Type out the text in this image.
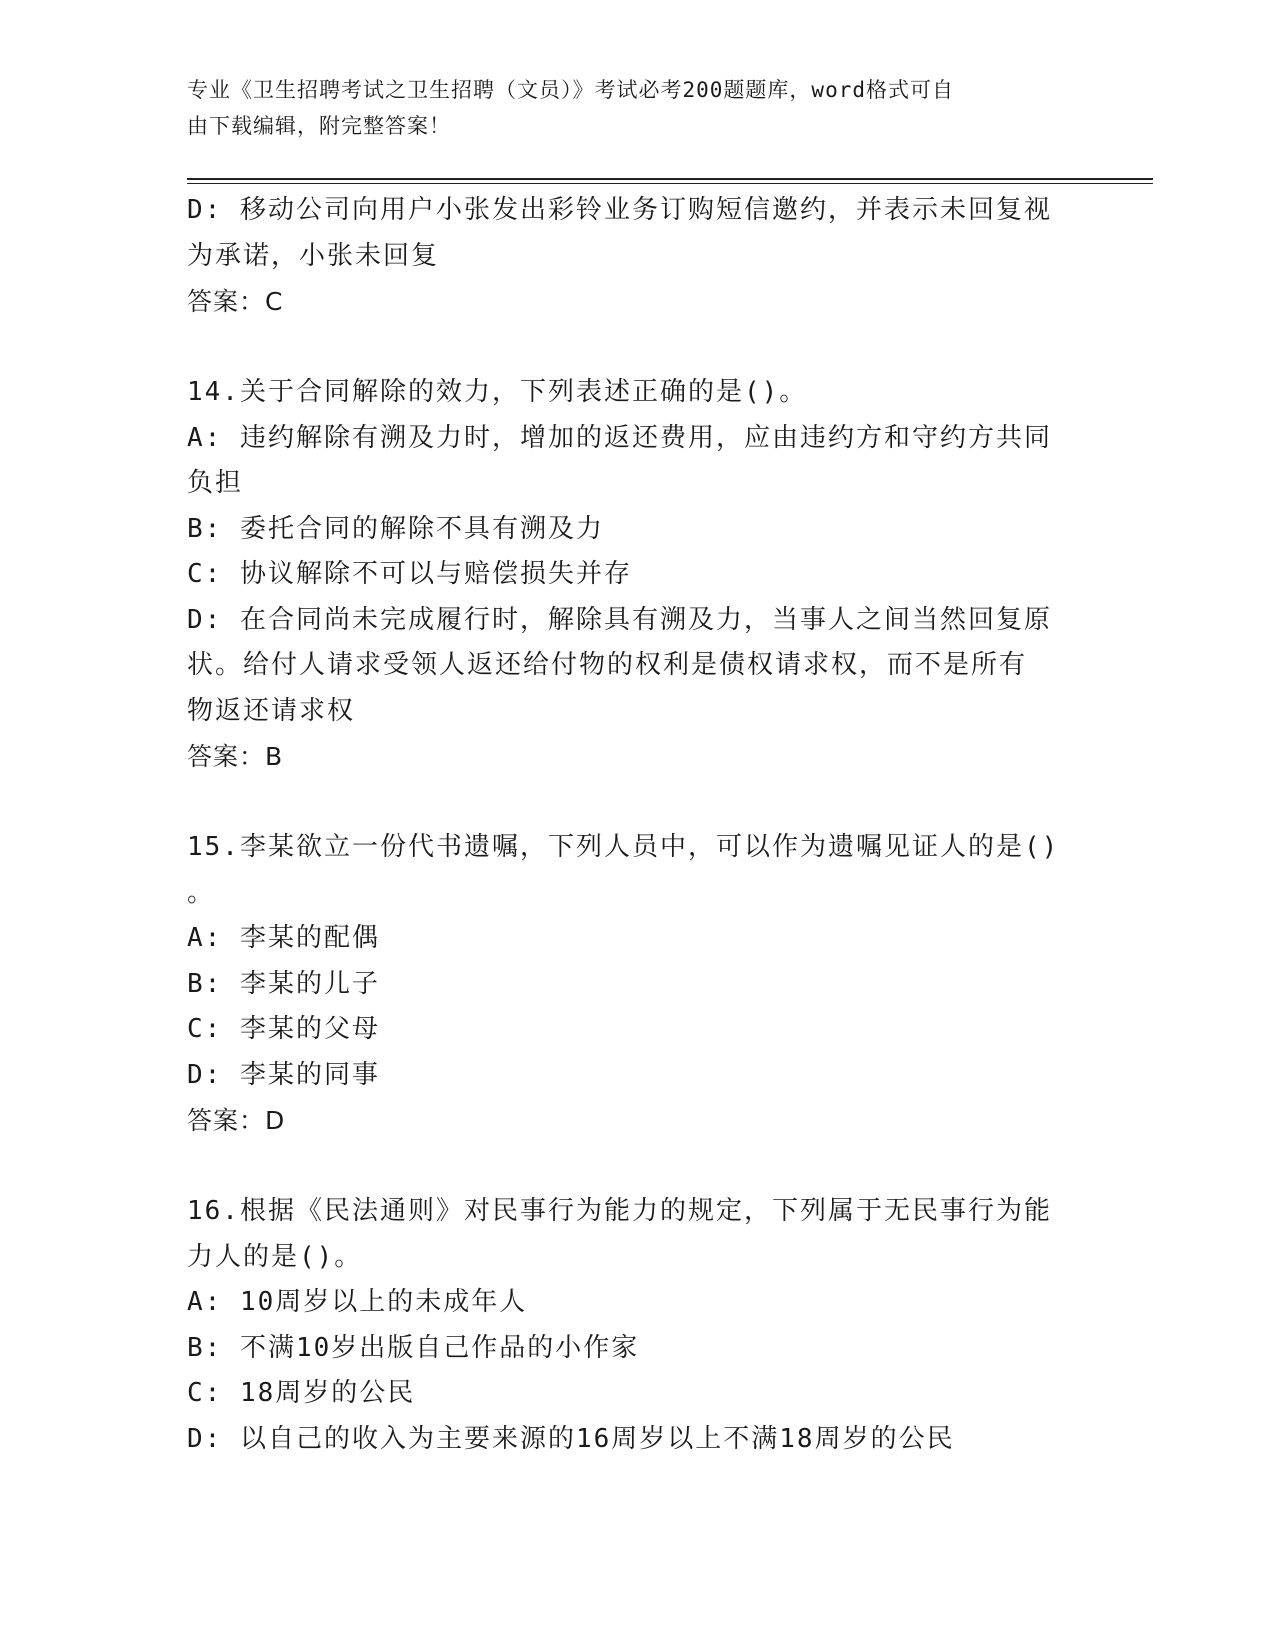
专业《卫生招聘考试之卫生招聘（文员）》考试必考200题题库，word格式可自
由下载编辑，附完整答案！
D: 移动公司向用户小张发出彩铃业务订购短信邀约，并表示未回复视
为承诺，小张未回复
答案：C
14.关于合同解除的效力，下列表述正确的是()。
A: 违约解除有溯及力时，增加的返还费用，应由违约方和守约方共同
负担
B: 委托合同的解除不具有溯及力
C: 协议解除不可以与赔偿损失并存
D: 在合同尚未完成履行时，解除具有溯及力，当事人之间当然回复原
状。给付人请求受领人返还给付物的权利是债权请求权，而不是所有
物返还请求权
答案：B
15.李某欲立一份代书遗嘱，下列人员中，可以作为遗嘱见证人的是()
。
A: 李某的配偶
B: 李某的儿子
C: 李某的父母
D: 李某的同事
答案：D
16.根据《民法通则》对民事行为能力的规定，下列属于无民事行为能
力人的是()。
A: 10周岁以上的未成年人
B: 不满10岁出版自己作品的小作家
C: 18周岁的公民
D: 以自己的收入为主要来源的16周岁以上不满18周岁的公民
